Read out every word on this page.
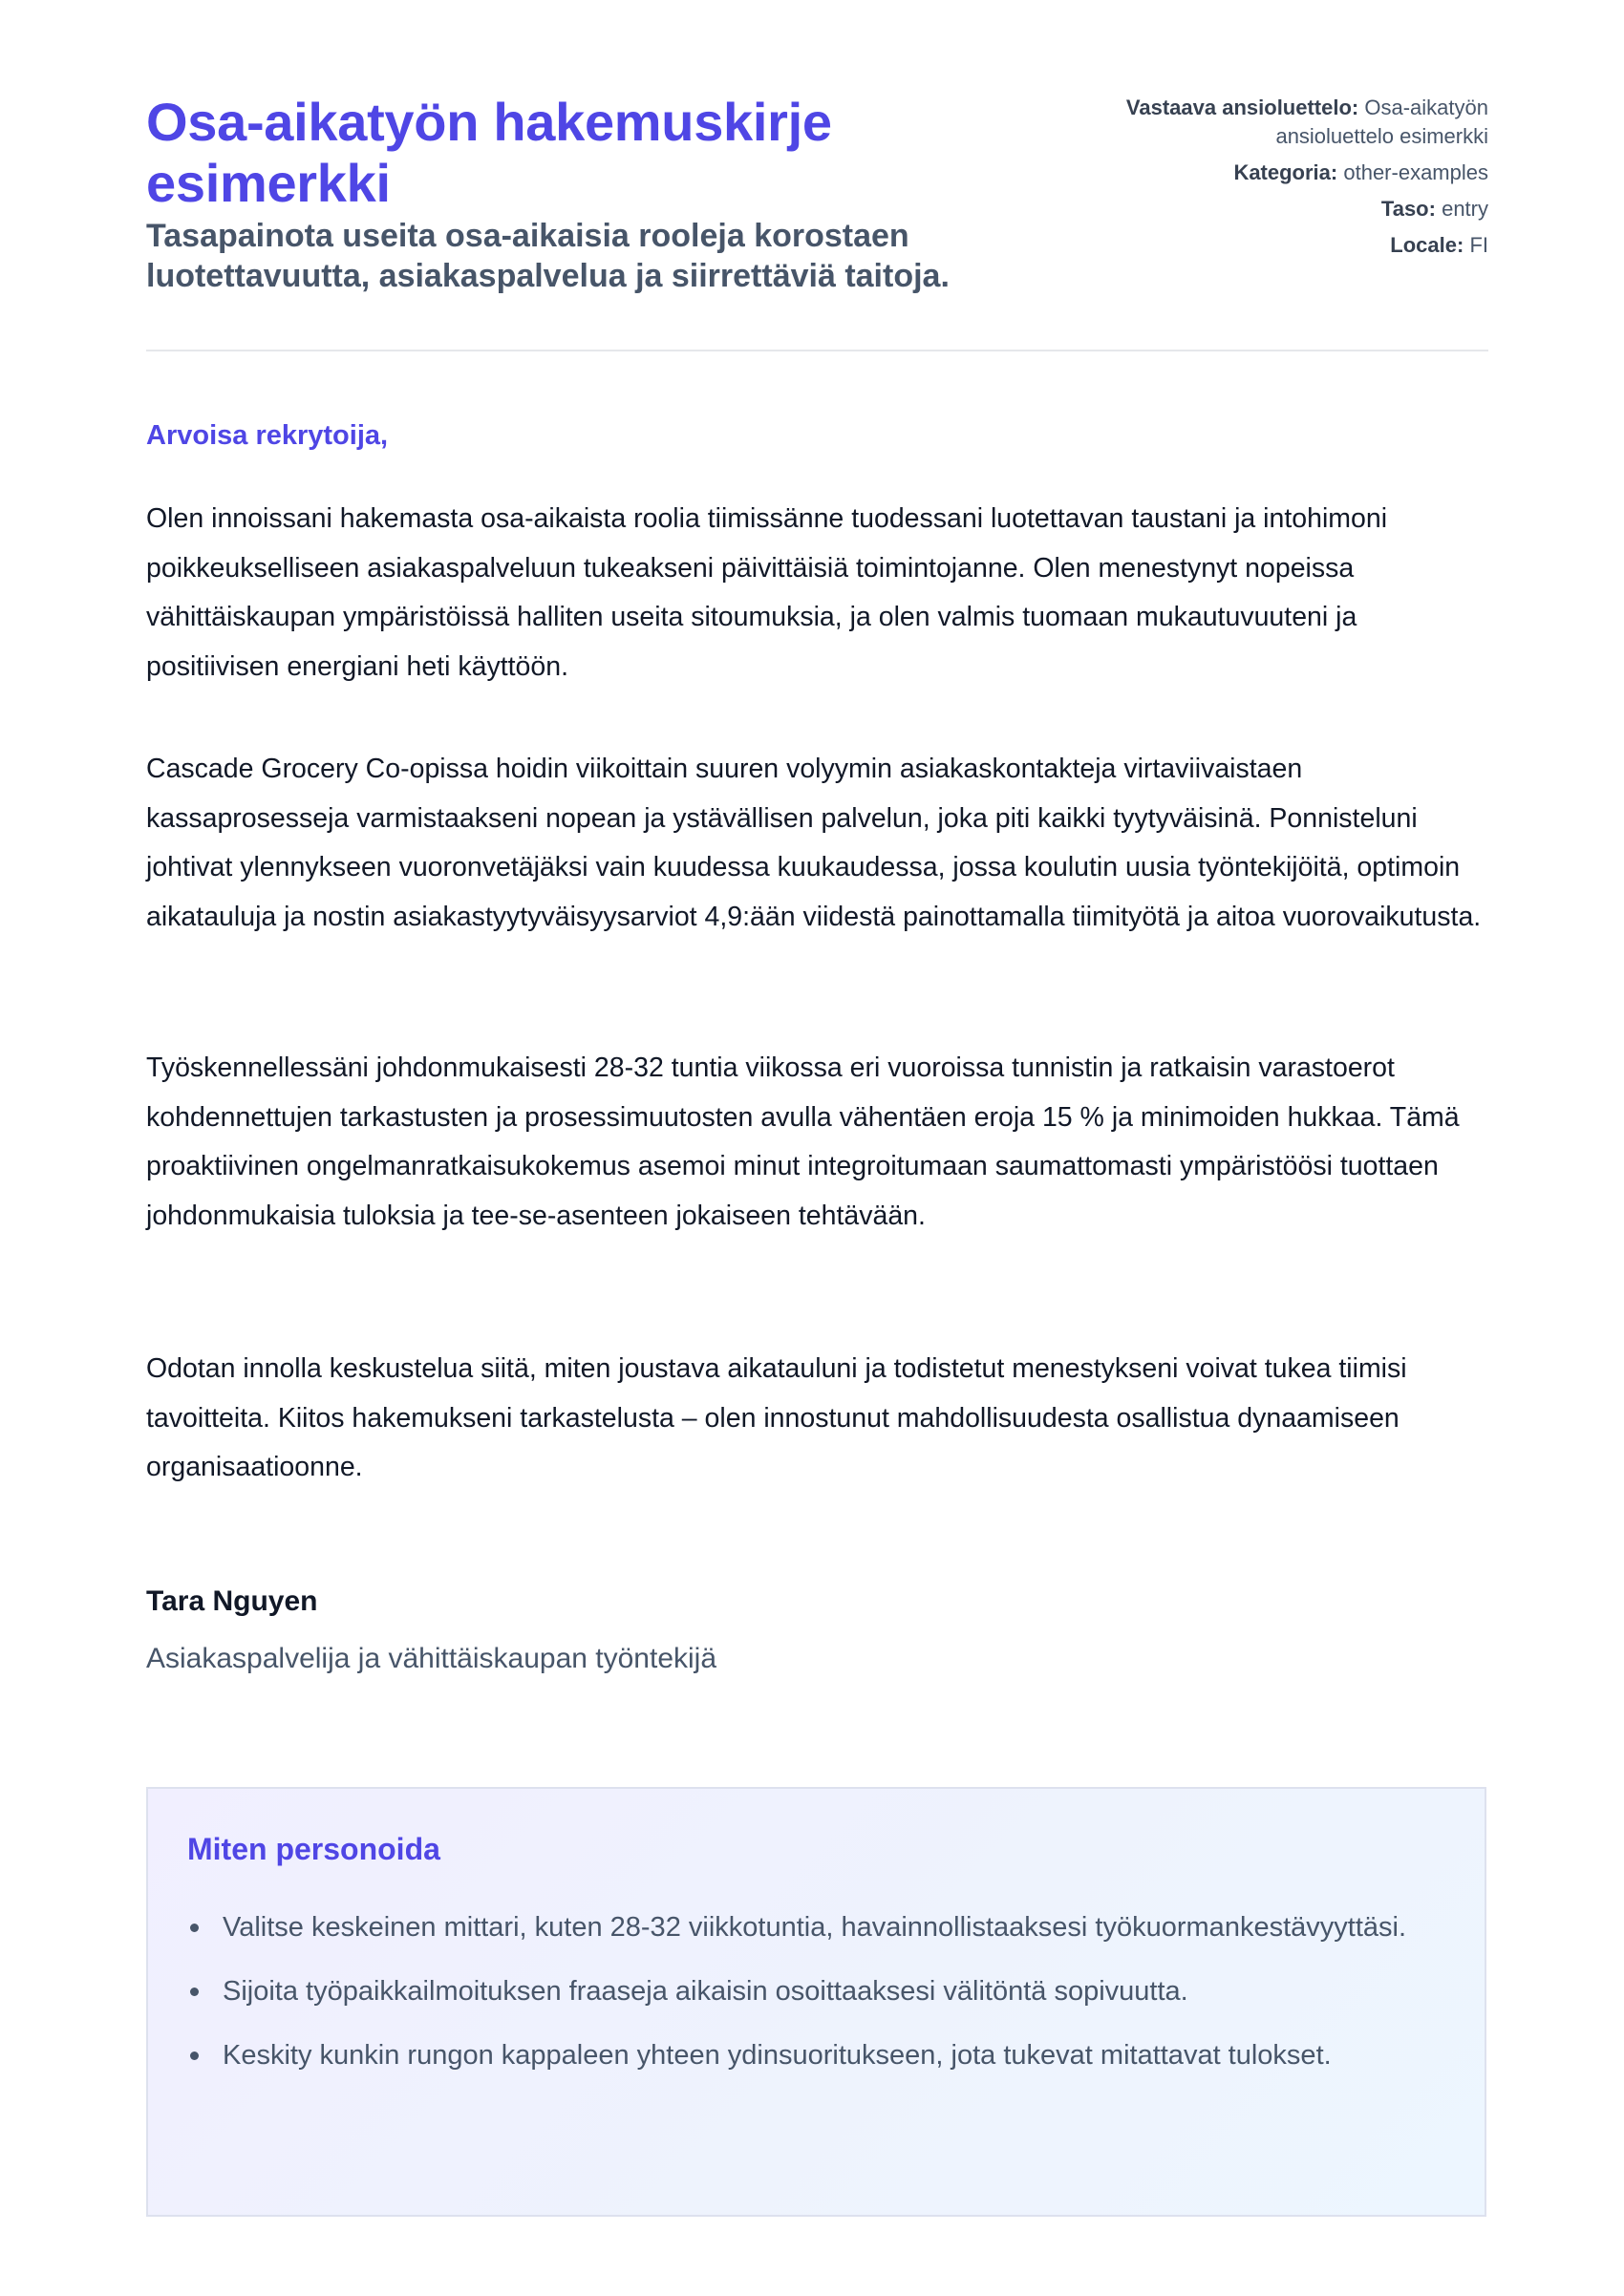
Osa-aikatyön hakemuskirje esimerkki
Tasapainota useita osa-aikaisia rooleja korostaen luotettavuutta, asiakaspalvelua ja siirrettäviä taitoja.
Vastaava ansioluettelo: Osa-aikatyön ansioluettelo esimerkki
Kategoria: other-examples
Taso: entry
Locale: FI

Arvoisa rekrytoija,

Olen innoissani hakemasta osa-aikaista roolia tiimissänne tuodessani luotettavan taustani ja intohimoni poikkeukselliseen asiakaspalveluun tukeakseni päivittäisiä toimintojanne. Olen menestynyt nopeissa vähittäiskaupan ympäristöissä halliten useita sitoumuksia, ja olen valmis tuomaan mukautuvuuteni ja positiivisen energiani heti käyttöön.

Cascade Grocery Co-opissa hoidin viikoittain suuren volyymin asiakaskontakteja virtaviivaistaen kassaprosesseja varmistaakseni nopean ja ystävällisen palvelun, joka piti kaikki tyytyväisinä. Ponnisteluni johtivat ylennykseen vuoronvetäjäksi vain kuudessa kuukaudessa, jossa koulutin uusia työntekijöitä, optimoin aikatauluja ja nostin asiakastyytyväisyysarviot 4,9:ään viidestä painottamalla tiimityötä ja aitoa vuorovaikutusta.

Työskennellessäni johdonmukaisesti 28-32 tuntia viikossa eri vuoroissa tunnistin ja ratkaisin varastoerot kohdennettujen tarkastusten ja prosessimuutosten avulla vähentäen eroja 15 % ja minimoiden hukkaa. Tämä proaktiivinen ongelmanratkaisukokemus asemoi minut integroitumaan saumattomasti ympäristöösi tuottaen johdonmukaisia tuloksia ja tee-se-asenteen jokaiseen tehtävään.

Odotan innolla keskustelua siitä, miten joustava aikatauluni ja todistetut menestykseni voivat tukea tiimisi tavoitteita. Kiitos hakemukseni tarkastelusta – olen innostunut mahdollisuudesta osallistua dynaamiseen organisaatioonne.

Tara Nguyen

Asiakaspalvelija ja vähittäiskaupan työntekijä

Miten personoida
Valitse keskeinen mittari, kuten 28-32 viikkotuntia, havainnollistaaksesi työkuormankestävyyttäsi.
Sijoita työpaikkailmoituksen fraaseja aikaisin osoittaaksesi välitöntä sopivuutta.
Keskity kunkin rungon kappaleen yhteen ydinsuoritukseen, jota tukevat mitattavat tulokset.
